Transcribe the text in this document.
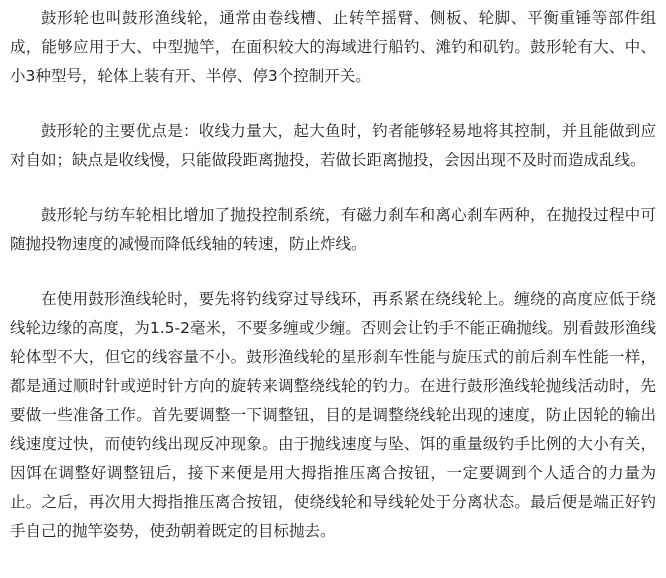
鼓形轮也叫鼓形渔线轮，通常由卷线槽、止转竿摇臂、侧板、轮脚、平衡重锤等部件组成，能够应用于大、中型抛竿，在面积较大的海域进行船钓、滩钓和矶钓。鼓形轮有大、中、小3种型号，轮体上装有开、半停、停3个控制开关。

鼓形轮的主要优点是：收线力量大，起大鱼时，钓者能够轻易地将其控制，并且能做到应对自如；缺点是收线慢，只能做段距离抛投，若做长距离抛投，会因出现不及时而造成乱线。

鼓形轮与纺车轮相比增加了抛投控制系统，有磁力刹车和离心刹车两种，在抛投过程中可随抛投物速度的减慢而降低线轴的转速，防止炸线。

在使用鼓形渔线轮时，要先将钓线穿过导线环，再系紧在绕线轮上。缠绕的高度应低于绕线轮边缘的高度，为1.5-2毫米，不要多缠或少缠。否则会让钓手不能正确抛线。别看鼓形渔线轮体型不大，但它的线容量不小。鼓形渔线轮的星形刹车性能与旋压式的前后刹车性能一样，都是通过顺时针或逆时针方向的旋转来调整绕线轮的钓力。在进行鼓形渔线轮抛线活动时，先要做一些准备工作。首先要调整一下调整钮，目的是调整绕线轮出现的速度，防止因轮的输出线速度过快，而使钓线出现反冲现象。由于抛线速度与坠、饵的重量级钓手比例的大小有关，因饵在调整好调整钮后，接下来便是用大拇指推压离合按钮，一定要调到个人适合的力量为止。之后，再次用大拇指推压离合按钮，使绕线轮和导线轮处于分离状态。最后便是端正好钓手自己的抛竿姿势，使劲朝着既定的目标抛去。
